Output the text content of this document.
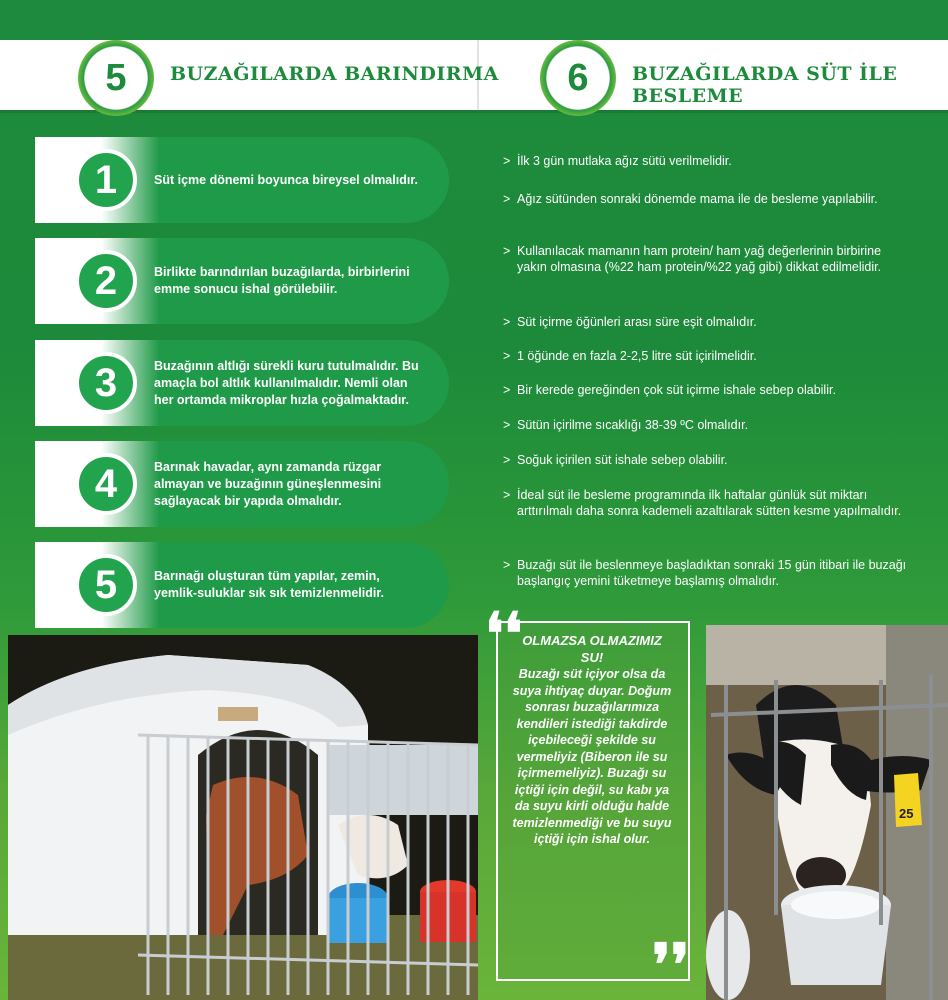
5 BUZAĞILARDA BARINDIRMA 6 BUZAĞILARDA SÜT İLE BESLEME
1	Süt içme dönemi boyunca bireysel olmalıdır.
2	Birlikte barındırılan buzağılarda, birbirlerini emme sonucu ishal görülebilir.
3	Buzağının altlığı sürekli kuru tutulmalıdır. Bu amaçla bol altlık kullanılmalıdır. Nemli olan her ortamda mikroplar hızla çoğalmaktadır.
4	Barınak havadar, aynı zamanda rüzgar almayan ve buzağının güneşlenmesini sağlayacak bir yapıda olmalıdır.
5	Barınağı oluşturan tüm yapılar, zemin, yemlik-suluklar sık sık temizlenmelidir.
> İlk 3 gün mutlaka ağız sütü verilmelidir.
> Ağız sütünden sonraki dönemde mama ile de besleme yapılabilir.
> Kullanılacak mamanın ham protein/ ham yağ değerlerinin birbirine yakın olmasına (%22 ham protein/%22 yağ gibi) dikkat edilmelidir.
> Süt içirme öğünleri arası süre eşit olmalıdır.
> 1 öğünde en fazla 2-2,5 litre süt içirilmelidir.
> Bir kerede gereğinden çok süt içirme ishale sebep olabilir.
> Sütün içirilme sıcaklığı 38-39 ºC olmalıdır.
> Soğuk içirilen süt ishale sebep olabilir.
> İdeal süt ile besleme programında ilk haftalar günlük süt miktarı arttırılmalı daha sonra kademeli azaltılarak sütten kesme yapılmalıdır.
> Buzağı süt ile beslenmeye başladıktan sonraki 15 gün itibari ile buzağı başlangıç yemini tüketmeye başlamış olmalıdır.
❛❛
❜❜
OLMAZSA OLMAZIMIZ SU!
Buzağı süt içiyor olsa da suya ihtiyaç duyar. Doğum sonrası buzağılarımıza kendileri istediği takdirde içebileceği şekilde su vermeliyiz (Biberon ile su içirmemeliyiz). Buzağı su içtiği için değil, su kabı ya da suyu kirli olduğu halde temizlenmediği ve bu suyu içtiği için ishal olur.
25
